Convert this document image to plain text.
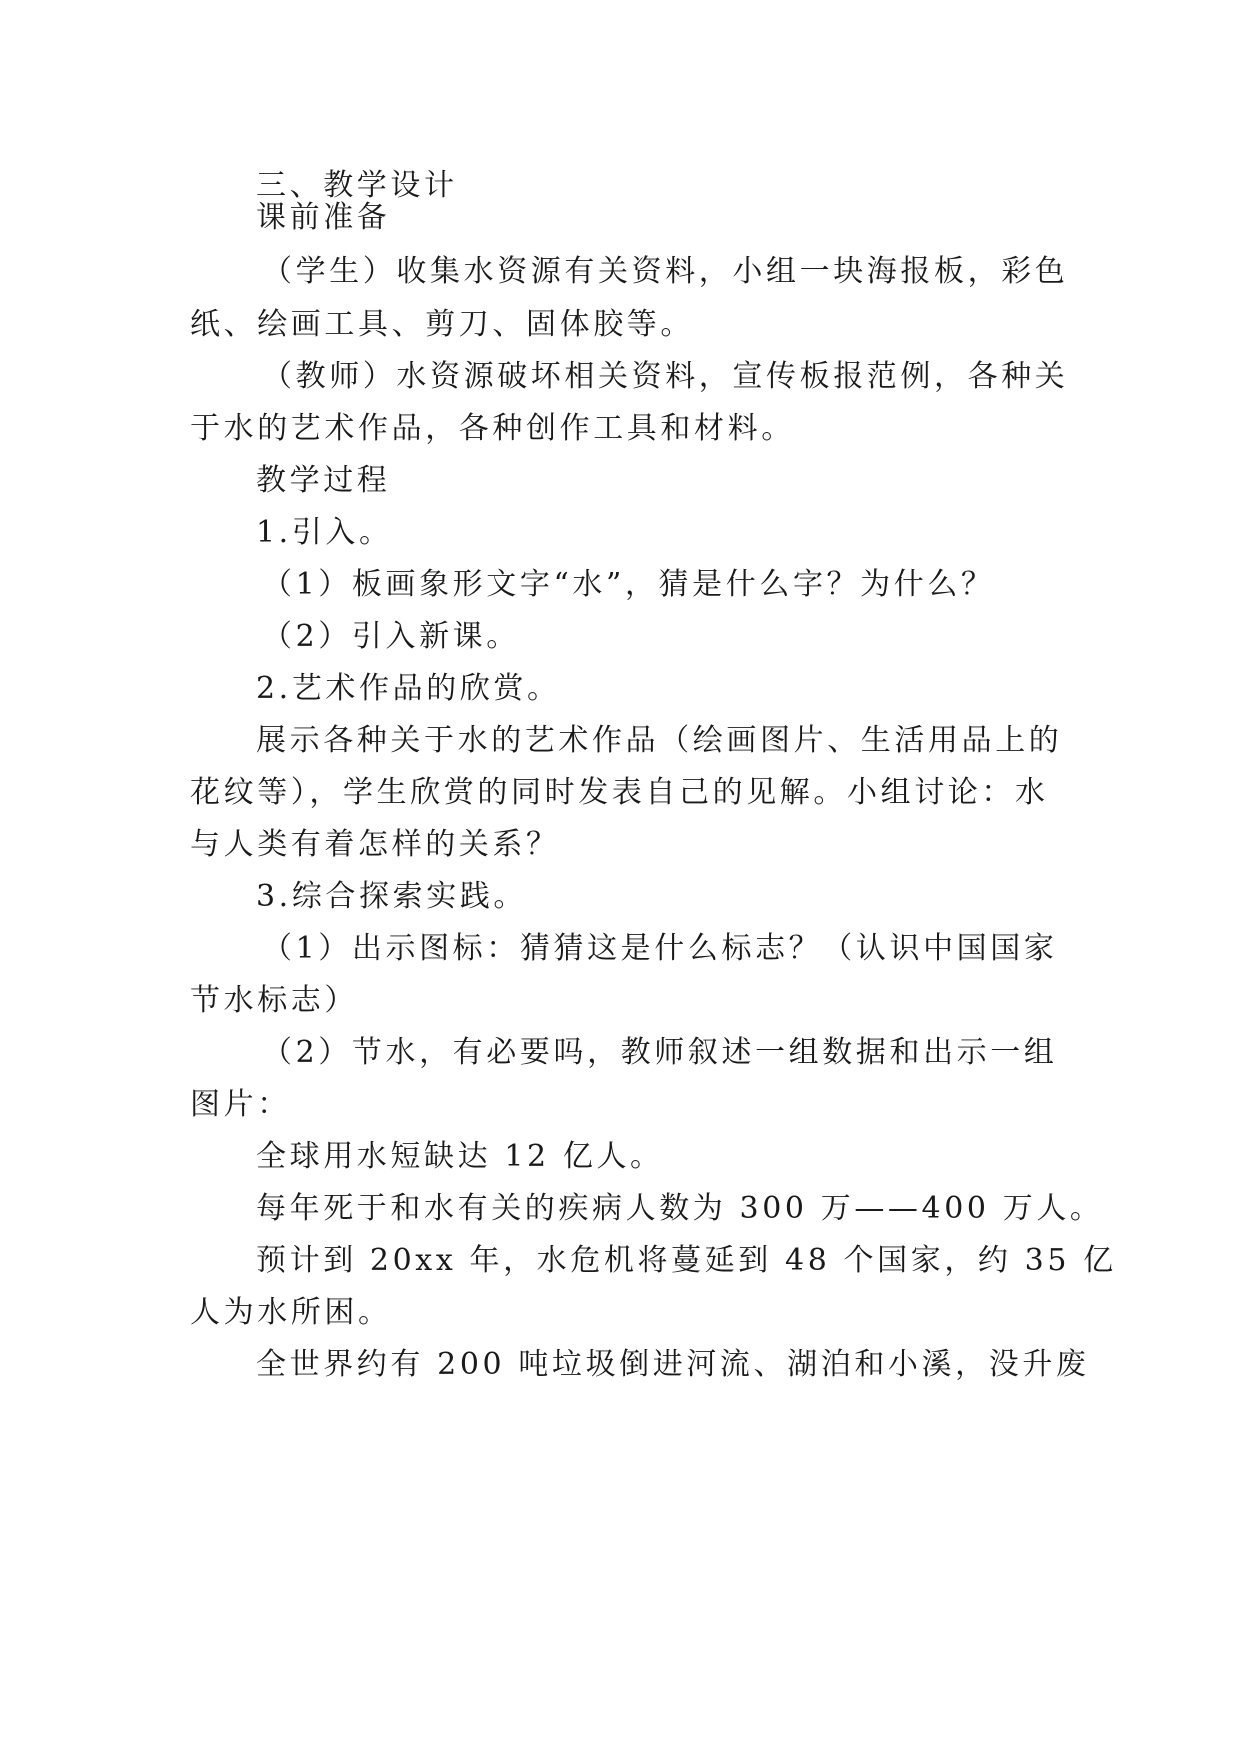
三、教学设计
课前准备
（学生）收集水资源有关资料，小组一块海报板，彩色
纸、绘画工具、剪刀、固体胶等。
（教师）水资源破坏相关资料，宣传板报范例，各种关
于水的艺术作品，各种创作工具和材料。
教学过程
1.引入。
（1）板画象形文字“水”，猜是什么字？为什么？
（2）引入新课。
2.艺术作品的欣赏。
展示各种关于水的艺术作品（绘画图片、生活用品上的
花纹等），学生欣赏的同时发表自己的见解。小组讨论：水
与人类有着怎样的关系？
3.综合探索实践。
（1）出示图标：猜猜这是什么标志？（认识中国国家
节水标志）
（2）节水，有必要吗，教师叙述一组数据和出示一组
图片：
全球用水短缺达 12 亿人。
每年死于和水有关的疾病人数为 300 万——400 万人。
预计到 20xx 年，水危机将蔓延到 48 个国家，约 35 亿
人为水所困。
全世界约有 200 吨垃圾倒进河流、湖泊和小溪，没升废
